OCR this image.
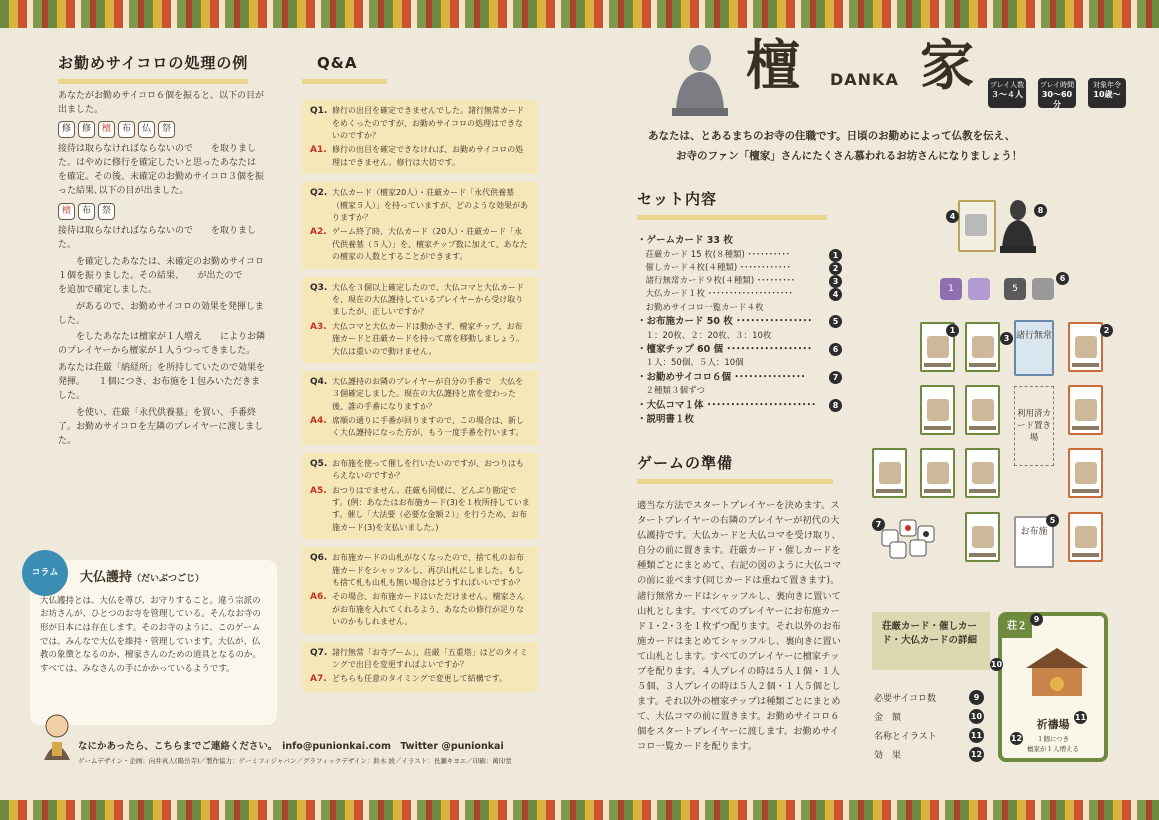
お勤めサイコロの処理の例

あなたがお勤めサイコロ６個を振ると、以下の目が出ました。

修 修 檀 布 仏 祭

接待は取らなければならないので　　を取りました。はやめに修行を確定したいと思ったあなたは　　　を確定。その後、未確定のお勤めサイコロ３個を振った結果､以下の目が出ました。

檀 布 祭

接待は取らなければならないので　　を取りました。

　　を確定したあなたは、未確定のお勤めサイコロ１個を振りました。その結果、　　が出たので　　を追加で確定しました。

　　があるので、お勤めサイコロの効果を発揮しました。

　　をしたあなたは檀家が１人増え　　によりお隣のプレイヤーから檀家が１人うつってきました。

あなたは荘厳「納経所」を所持していたので効果を発揮。　　１個につき、お布施を１包みいただきました。

　　を使い、荘厳「永代供養墓」を買い、手番終了。お勤めサイコロを左隣のプレイヤーに渡しました。

コラム	大仏護持（だいぶつごじ）
大仏護持とは、大仏を尊び、お守りすること。違う宗派のお坊さんが、ひとつのお寺を管理している。そんなお寺の形が日本には存在します。そのお寺のように、このゲームでは、みんなで大仏を維持・管理しています。大仏が、仏教の象徴となるのか、檀家さんのための道具となるのか。すべては、みなさんの手にかかっているようです。
なにかあったら、こちらまでご連絡ください。　info@punionkai.com　Twitter @punionkai
ゲームデザイン・企画：向井真人(陽岳寺)／製作協力：ゲーミフィジャパン／グラフィックデザイン：鈴木 綾／イラスト：長瀬キヨエ／印刷：萬印堂
Q&A
Q1. 修行の出目を確定できませんでした。諸行無常カードをめくったのですが、お勤めサイコロの処理はできないのですか？
A1. 修行の出目を確定できなければ、お勤めサイコロの処理はできません。修行は大切です。
Q2. 大仏カード（檀家20人）・荘厳カード「永代供養墓（檀家５人）」を持っていますが、どのような効果がありますか？
A2. ゲーム終了時、大仏カード（20人）・荘厳カード「永代供養墓（５人）」を、檀家チップ数に加えて、あなたの檀家の人数とすることができます。
Q3. 大仏を３個以上確定したので、大仏コマと大仏カードを、現在の大仏護持しているプレイヤーから受け取りましたが、正しいですか？
A3. 大仏コマと大仏カードは動かさず、檀家チップ、お布施カードと荘厳カードを持って席を移動しましょう。大仏は重いので動けません。
Q4. 大仏護持のお隣のプレイヤーが自分の手番で　大仏を３個確定しました。現在の大仏護持と席を変わった後、誰の手番になりますか？
A4. 席順の通りに手番が回りますので、この場合は、新しく大仏護持になった方が、もう一度手番を行います。
Q5. お布施を使って催しを行いたいのですが、おつりはもらえないのですか？
A5. おつりはでません。荘厳も同様に、どんぶり勘定です。(例：あなたはお布施カード(3)を１枚所持しています。催し「大法要（必要な金額２）」を行うため、お布施カード(3)を支払いました。)
Q6. お布施カードの山札がなくなったので、捨て札のお布施カードをシャッフルし、再び山札にしました。もしも捨て札も山札も無い場合はどうすればいいですか？
A6. その場合、お布施カードはいただけません。檀家さんがお布施を入れてくれるよう、あなたの修行が足りないのかもしれません。
Q7. 諸行無常「お寺ブーム」、荘厳「五重塔」はどのタイミングで出目を変更すればよいですか？
A7. どちらも任意のタイミングで変更して結構です。
檀 DANKA 家 プレイ人数
３〜４人
プレイ時間
30〜60分
対象年令
10歳〜
あなたは、とあるまちのお寺の住職です。日頃のお勤めによって仏教を伝え、
お寺のファン「檀家」さんにたくさん慕われるお坊さんになりましょう！
セット内容
・ゲームカード 33 枚
　荘厳カード 15 枚(８種類) ･･････････	1
　催しカード４枚(４種類) ････････････	2
　諸行無常カード９枚(４種類) ･････････	3
　大仏カード１枚 ････････････････････	4
　お勤めサイコロ一覧カード４枚
・お布施カード 50 枚 ････････････････	5
　１：20枚、２：20枚、３：10枚
・檀家チップ 60 個 ･･････････････････	6
　１人：50個、５人：10個
・お勤めサイコロ６個 ･･･････････････	7
　２種類３個ずつ
・大仏コマ１体 ･･･････････････････････	8
・説明書１枚
ゲームの準備
適当な方法でスタートプレイヤーを決めます。スタートプレイヤーの右隣のプレイヤーが初代の大仏護持です。大仏カードと大仏コマを受け取り、自分の前に置きます。荘厳カード・催しカードを種類ごとにまとめて、右記の図のように大仏コマの前に並べます(同じカードは重ねて置きます)。諸行無常カードはシャッフルし、裏向きに置いて山札とします。すべてのプレイヤーにお布施カード１･２･３を１枚ずつ配ります。それ以外のお布施カードはまとめてシャッフルし、裏向きに置いて山札とします。すべてのプレイヤーに檀家チップを配ります。４人プレイの時は５人１個・１人５個、３人プレイの時は５人２個・１人５個とします。それ以外の檀家チップは種類ごとにまとめて、大仏コマの前に置きます。お勤めサイコロ６個をスタートプレイヤーに渡します。お勤めサイコロ一覧カードを配ります。
4
8
1	5
6
諸行無常
1
3
2
利用済カード置き場
7
お布施
5
荘厳カード・催しカード・大仏カードの詳細
必要サイコロ数	9
金　額	10
名称とイラスト	11
効　果	12
荘２
祈禱場
１個につき
檀家が１人増える
9
10
11
12
